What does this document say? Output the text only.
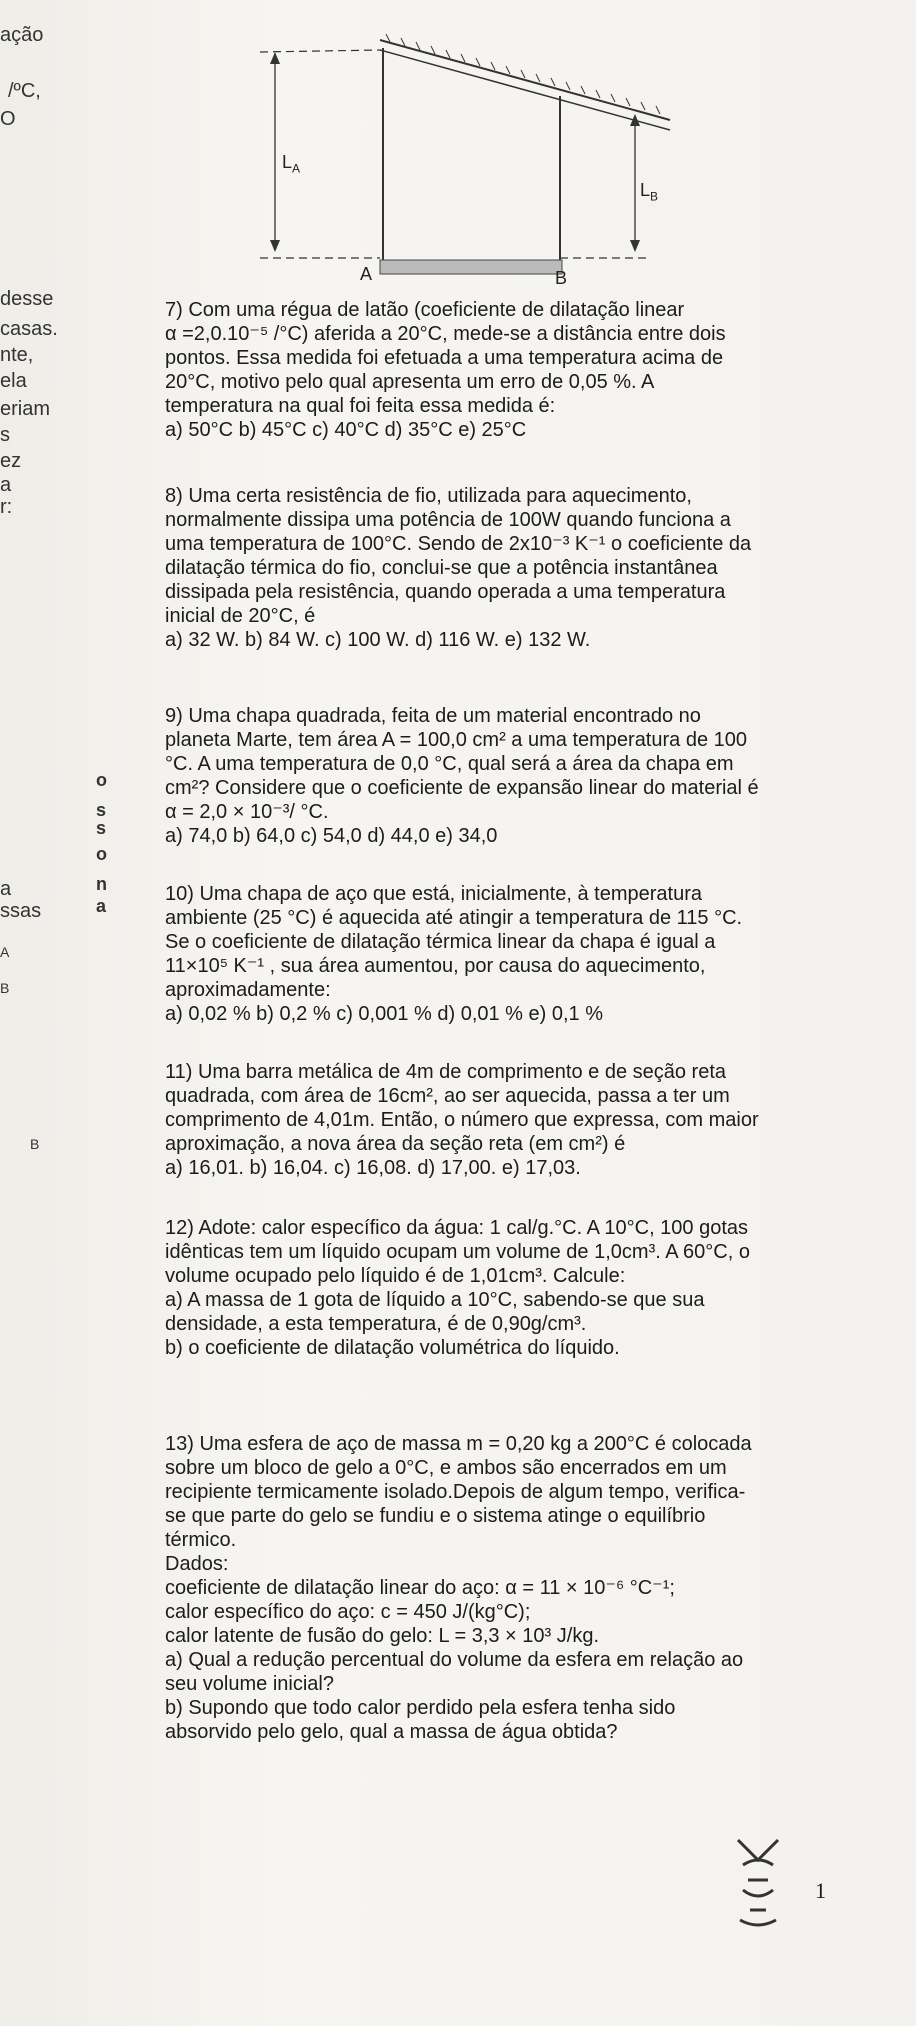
ação
/ºC,
O
desse
casas.
nte,
ela
eriam
s
ez
a
r:
a
ssas
A
B
B
o
s
s
o
n
a
$L_A$
$L_B$
A	B

7) Com uma régua de latão (coeficiente de dilatação linear

α =2,0.10⁻⁵ /°C) aferida a 20°C, mede-se a distância entre dois

pontos. Essa medida foi efetuada a uma temperatura acima de

20°C, motivo pelo qual apresenta um erro de 0,05 %. A

temperatura na qual foi feita essa medida é:

a) 50°C b) 45°C c) 40°C d) 35°C e) 25°C

8) Uma certa resistência de fio, utilizada para aquecimento,

normalmente dissipa uma potência de 100W quando funciona a

uma temperatura de 100°C. Sendo de 2x10⁻³ K⁻¹ o coeficiente da

dilatação térmica do fio, conclui-se que a potência instantânea

dissipada pela resistência, quando operada a uma temperatura

inicial de 20°C, é

a) 32 W. b) 84 W. c) 100 W. d) 116 W. e) 132 W.

9) Uma chapa quadrada, feita de um material encontrado no

planeta Marte, tem área A = 100,0 cm² a uma temperatura de 100

°C. A uma temperatura de 0,0 °C, qual será a área da chapa em

cm²? Considere que o coeficiente de expansão linear do material é

α = 2,0 × 10⁻³/ °C.

a) 74,0 b) 64,0 c) 54,0 d) 44,0 e) 34,0

10) Uma chapa de aço que está, inicialmente, à temperatura

ambiente (25 °C) é aquecida até atingir a temperatura de 115 °C.

Se o coeficiente de dilatação térmica linear da chapa é igual a

11×10⁵ K⁻¹ , sua área aumentou, por causa do aquecimento,

aproximadamente:

a) 0,02 % b) 0,2 % c) 0,001 % d) 0,01 % e) 0,1 %

11) Uma barra metálica de 4m de comprimento e de seção reta

quadrada, com área de 16cm², ao ser aquecida, passa a ter um

comprimento de 4,01m. Então, o número que expressa, com maior

aproximação, a nova área da seção reta (em cm²) é

a) 16,01. b) 16,04. c) 16,08. d) 17,00. e) 17,03.

12) Adote: calor específico da água: 1 cal/g.°C. A 10°C, 100 gotas

idênticas tem um líquido ocupam um volume de 1,0cm³. A 60°C, o

volume ocupado pelo líquido é de 1,01cm³. Calcule:

a) A massa de 1 gota de líquido a 10°C, sabendo-se que sua

densidade, a esta temperatura, é de 0,90g/cm³.

b) o coeficiente de dilatação volumétrica do líquido.

13) Uma esfera de aço de massa m = 0,20 kg a 200°C é colocada

sobre um bloco de gelo a 0°C, e ambos são encerrados em um

recipiente termicamente isolado.Depois de algum tempo, verifica-

se que parte do gelo se fundiu e o sistema atinge o equilíbrio

térmico.

Dados:

coeficiente de dilatação linear do aço: α = 11 × 10⁻⁶ °C⁻¹;

calor específico do aço: c = 450 J/(kg°C);

calor latente de fusão do gelo: L = 3,3 × 10³ J/kg.

a) Qual a redução percentual do volume da esfera em relação ao

seu volume inicial?

b) Supondo que todo calor perdido pela esfera tenha sido

absorvido pelo gelo, qual a massa de água obtida?

1
